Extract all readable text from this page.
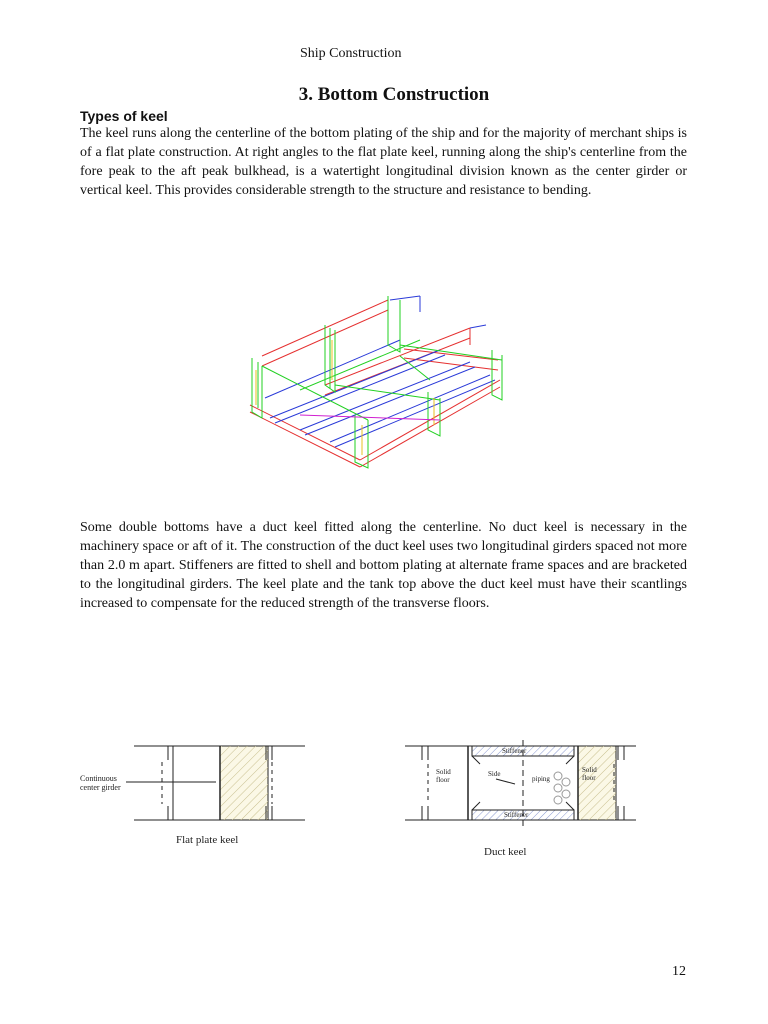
Ship Construction
3. Bottom Construction
Types of keel

The keel runs along the centerline of the bottom plating of the ship and for the majority of merchant ships is of a flat plate construction. At right angles to the flat plate keel, running along the ship's centerline from the fore peak to the aft peak bulkhead, is a watertight longitudinal division known as the center girder or vertical keel. This provides considerable strength to the structure and resistance to bending.

Some double bottoms have a duct keel fitted along the centerline. No duct keel is necessary in the machinery space or aft of it. The construction of the duct keel uses two longitudinal girders spaced not more than 2.0 m apart. Stiffeners are fitted to shell and bottom plating at alternate frame spaces and are bracketed to the longitudinal girders. The keel plate and the tank top above the duct keel must have their scantlings increased to compensate for the reduced strength of the transverse floors.

Continuous
center girder
Flat plate keel
Stiffener
Stiffener
Solid
floor
Solid
floor
Side
piping
Duct keel
12
